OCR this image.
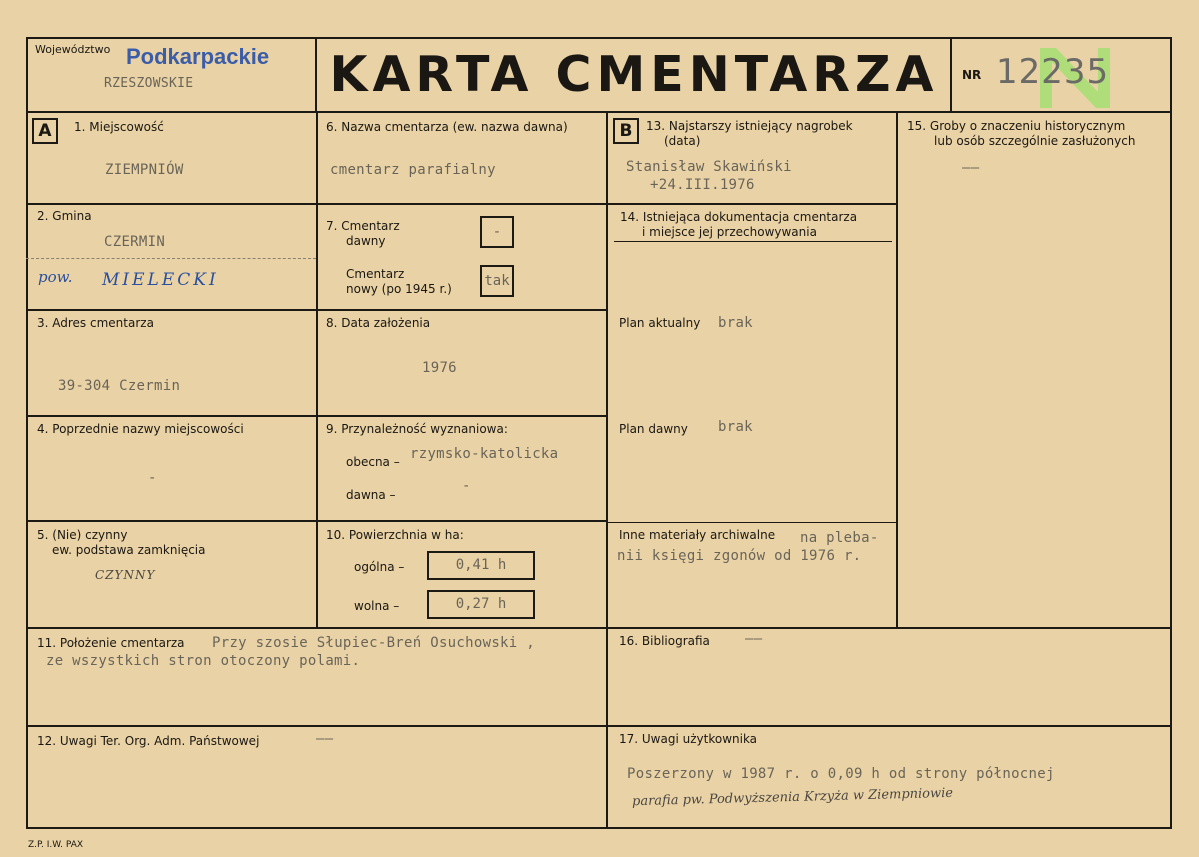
Województwo Podkarpackie
RZESZOWSKIE	KARTA CMENTARZA	NR 12235
A	1. Miejscowość
ZIEMPNIÓW
2. Gmina
CZERMIN
pow. MIELECKI
3. Adres cmentarza
39-304 Czermin
4. Poprzednie nazwy miejscowości
-
5. (Nie) czynny
ew. podstawa zamknięcia
CZYNNY
6. Nazwa cmentarza (ew. nazwa dawna)
cmentarz parafialny
7. Cmentarz
dawny
-
Cmentarz
nowy (po 1945 r.)	tak
8. Data założenia
1976
9. Przynależność wyznaniowa:
obecna – rzymsko-katolicka
dawna –
-
10. Powierzchnia w ha:
ogólna –	0,41 h
wolna –	0,27 h
B	13. Najstarszy istniejący nagrobek
(data)
Stanisław Skawiński
+24.III.1976
14. Istniejąca dokumentacja cmentarza
i miejsce jej przechowywania
Plan aktualny brak
Plan dawny brak
Inne materiały archiwalne na pleba-
nii księgi zgonów od 1976 r.
15. Groby o znaczeniu historycznym
lub osób szczególnie zasłużonych
——
11. Położenie cmentarza Przy szosie Słupiec-Breń Osuchowski ,
ze wszystkich stron otoczony polami.
12. Uwagi Ter. Org. Adm. Państwowej	——
16. Bibliografia	——
17. Uwagi użytkownika
Poszerzony w 1987 r. o 0,09 h od strony północnej
parafia pw. Podwyższenia Krzyża w Ziempniowie
Z.P. I.W. PAX
